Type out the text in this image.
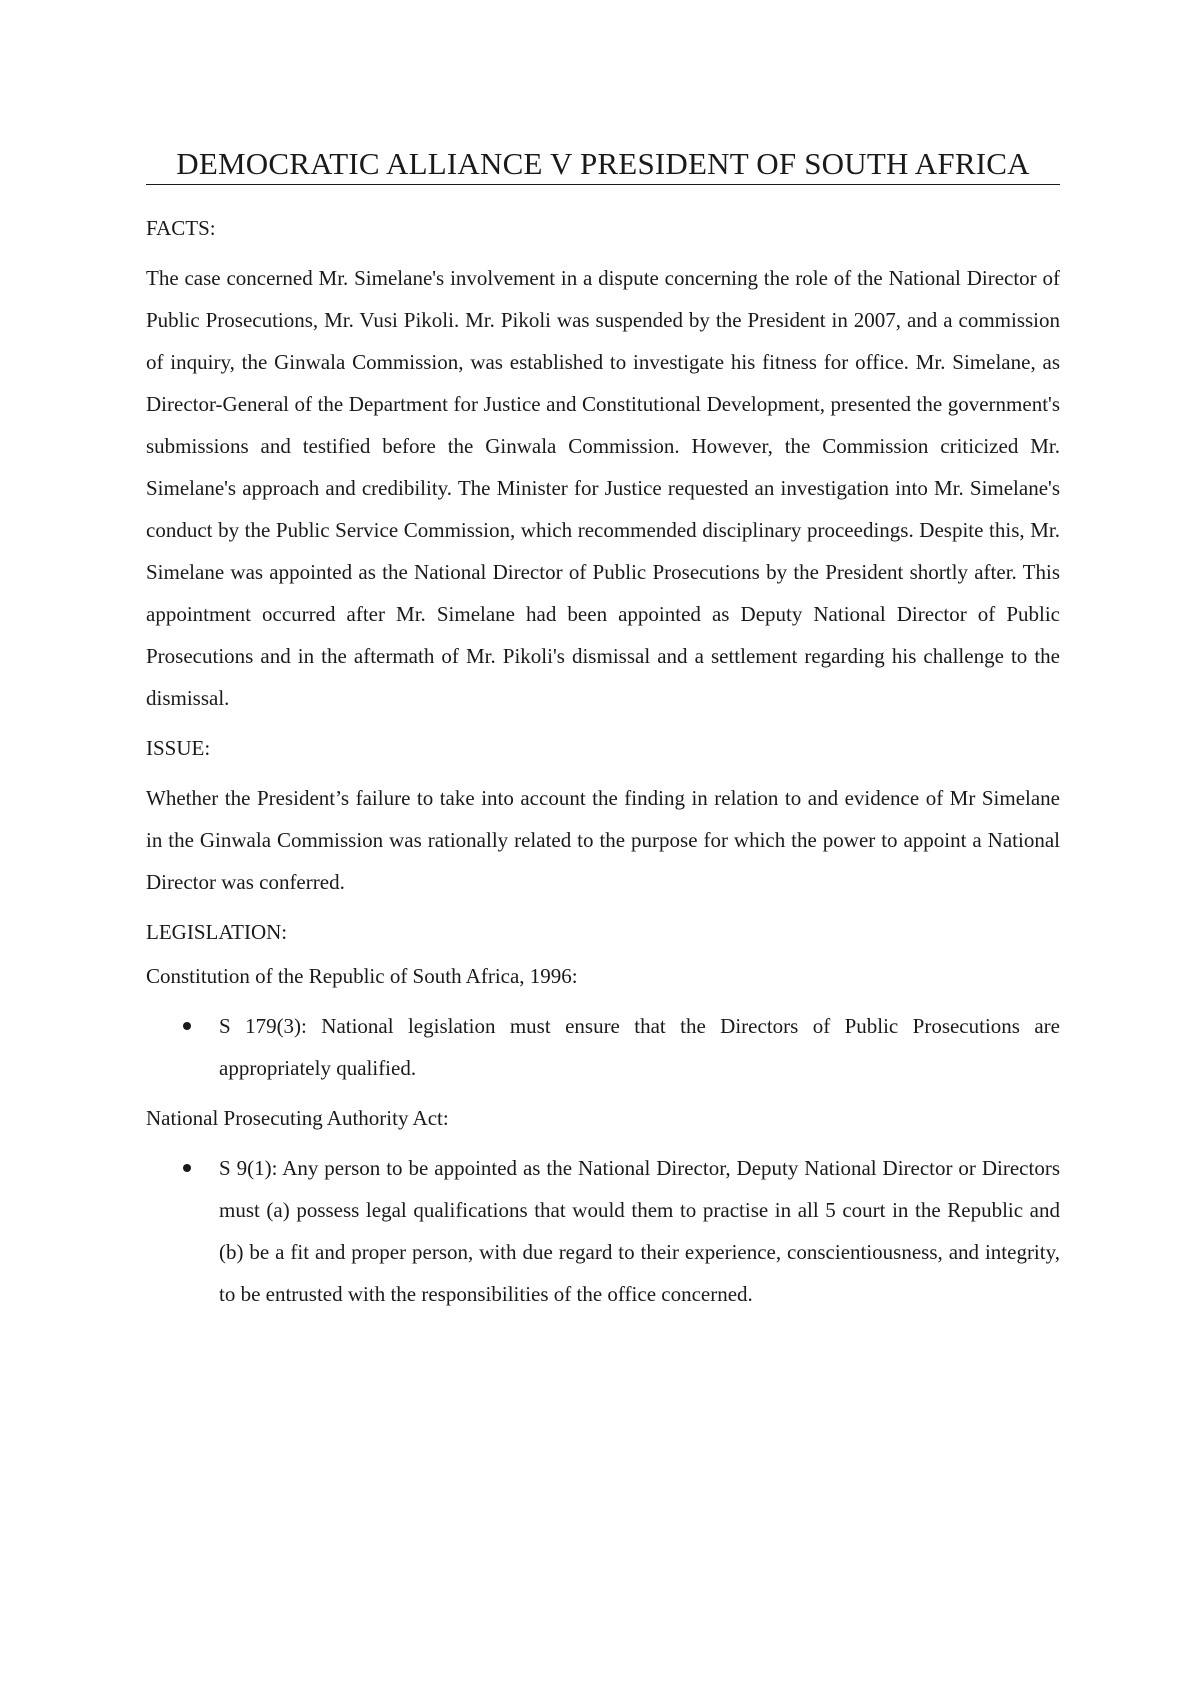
DEMOCRATIC ALLIANCE V PRESIDENT OF SOUTH AFRICA
FACTS:

The case concerned Mr. Simelane's involvement in a dispute concerning the role of the National Director of Public Prosecutions, Mr. Vusi Pikoli. Mr. Pikoli was suspended by the President in 2007, and a commission of inquiry, the Ginwala Commission, was established to investigate his fitness for office. Mr. Simelane, as Director-General of the Department for Justice and Constitutional Development, presented the government's submissions and testified before the Ginwala Commission. However, the Commission criticized Mr. Simelane's approach and credibility. The Minister for Justice requested an investigation into Mr. Simelane's conduct by the Public Service Commission, which recommended disciplinary proceedings. Despite this, Mr. Simelane was appointed as the National Director of Public Prosecutions by the President shortly after. This appointment occurred after Mr. Simelane had been appointed as Deputy National Director of Public Prosecutions and in the aftermath of Mr. Pikoli's dismissal and a settlement regarding his challenge to the dismissal.

ISSUE:

Whether the President’s failure to take into account the finding in relation to and evidence of Mr Simelane in the Ginwala Commission was rationally related to the purpose for which the power to appoint a National Director was conferred.

LEGISLATION:

Constitution of the Republic of South Africa, 1996:

S 179(3): National legislation must ensure that the Directors of Public Prosecutions are appropriately qualified.

National Prosecuting Authority Act:

S 9(1): Any person to be appointed as the National Director, Deputy National Director or Directors must (a) possess legal qualifications that would them to practise in all 5 court in the Republic and (b) be a fit and proper person, with due regard to their experience, conscientiousness, and integrity, to be entrusted with the responsibilities of the office concerned.
